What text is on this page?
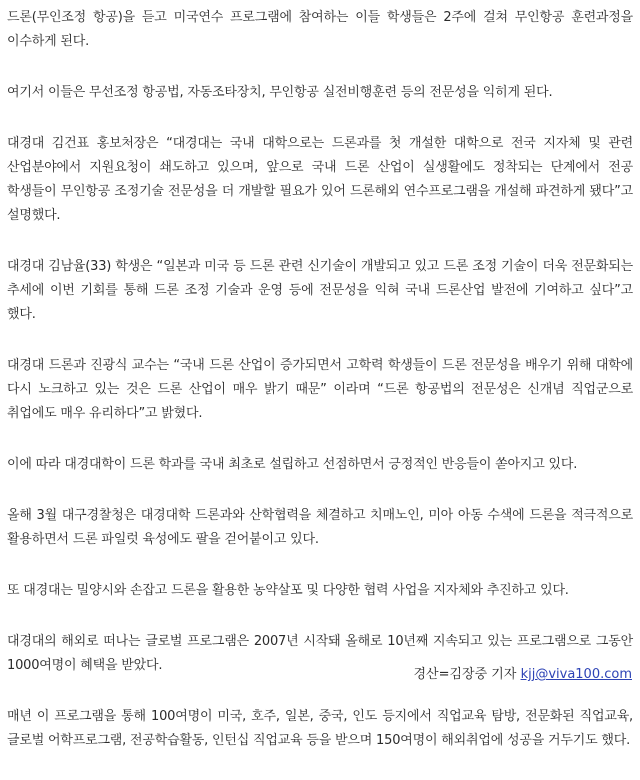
드론(무인조정 항공)을 듣고 미국연수 프로그램에 참여하는 이들 학생들은 2주에 걸쳐 무인항공 훈련과정을 이수하게 된다.

여기서 이들은 무선조정 항공법, 자동조타장치, 무인항공 실전비행훈련 등의 전문성을 익히게 된다.

대경대 김건표 홍보처장은 “대경대는 국내 대학으로는 드론과를 첫 개설한 대학으로 전국 지자체 및 관련 산업분야에서 지원요청이 쇄도하고 있으며, 앞으로 국내 드론 산업이 실생활에도 정착되는 단계에서 전공 학생들이 무인항공 조정기술 전문성을 더 개발할 필요가 있어 드론해외 연수프로그램을 개설해 파견하게 됐다”고 설명했다.

대경대 김남율(33) 학생은 “일본과 미국 등 드론 관련 신기술이 개발되고 있고 드론 조정 기술이 더욱 전문화되는 추세에 이번 기회를 통해 드론 조정 기술과 운영 등에 전문성을 익혀 국내 드론산업 발전에 기여하고 싶다”고 했다.

대경대 드론과 진광식 교수는 “국내 드론 산업이 증가되면서 고학력 학생들이 드론 전문성을 배우기 위해 대학에 다시 노크하고 있는 것은 드론 산업이 매우 밝기 때문” 이라며 “드론 항공법의 전문성은 신개념 직업군으로 취업에도 매우 유리하다”고 밝혔다.

이에 따라 대경대학이 드론 학과를 국내 최초로 설립하고 선점하면서 긍정적인 반응들이 쏟아지고 있다.

올해 3월 대구경찰청은 대경대학 드론과와 산학협력을 체결하고 치매노인, 미아 아동 수색에 드론을 적극적으로 활용하면서 드론 파일럿 육성에도 팔을 걷어붙이고 있다.

또 대경대는 밀양시와 손잡고 드론을 활용한 농약살포 및 다양한 협력 사업을 지자체와 추진하고 있다.

대경대의 해외로 떠나는 글로벌 프로그램은 2007년 시작돼 올해로 10년째 지속되고 있는 프로그램으로 그동안 1000여명이 혜택을 받았다.

매년 이 프로그램을 통해 100여명이 미국, 호주, 일본, 중국, 인도 등지에서 직업교육 탐방, 전문화된 직업교육, 글로벌 어학프로그램, 전공학습활동, 인턴십 직업교육 등을 받으며 150여명이 해외취업에 성공을 거두기도 했다.

경산=김장중 기자 kjj@viva100.com
